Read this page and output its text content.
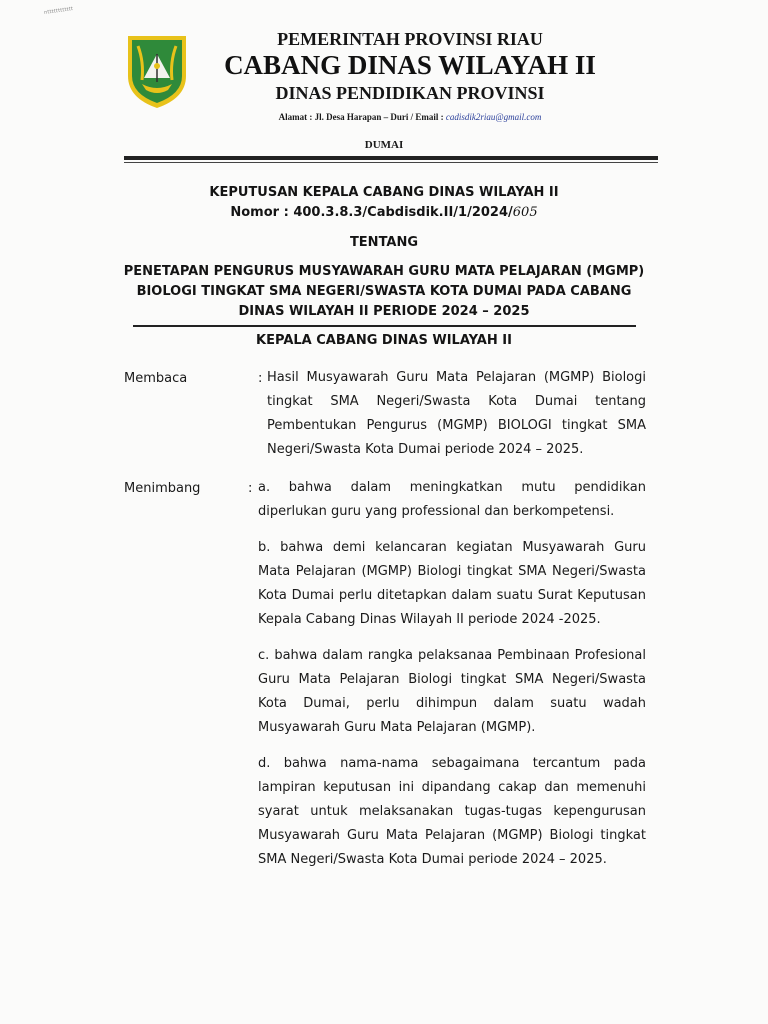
ntttttttttttt
PEMERINTAH PROVINSI RIAU
CABANG DINAS WILAYAH II
DINAS PENDIDIKAN PROVINSI
Alamat : Jl. Desa Harapan – Duri / Email : cadisdik2riau@gmail.com
DUMAI
KEPUTUSAN KEPALA CABANG DINAS WILAYAH II
Nomor : 400.3.8.3/Cabdisdik.II/1/2024/605
TENTANG
PENETAPAN PENGURUS MUSYAWARAH GURU MATA PELAJARAN (MGMP)
BIOLOGI TINGKAT SMA NEGERI/SWASTA KOTA DUMAI PADA CABANG
DINAS WILAYAH II PERIODE 2024 – 2025
KEPALA CABANG DINAS WILAYAH II
Membaca	: Hasil Musyawarah Guru Mata Pelajaran (MGMP) Biologi tingkat SMA Negeri/Swasta Kota Dumai tentang Pembentukan Pengurus (MGMP) BIOLOGI tingkat SMA Negeri/Swasta Kota Dumai periode 2024 – 2025.
Menimbang	: a. bahwa dalam meningkatkan mutu pendidikan diperlukan guru yang professional dan berkompetensi.
b. bahwa demi kelancaran kegiatan Musyawarah Guru Mata Pelajaran (MGMP) Biologi tingkat SMA Negeri/Swasta Kota Dumai perlu ditetapkan dalam suatu Surat Keputusan Kepala Cabang Dinas Wilayah II periode 2024 -2025.
c. bahwa dalam rangka pelaksanaa Pembinaan Profesional Guru Mata Pelajaran Biologi tingkat SMA Negeri/Swasta Kota Dumai, perlu dihimpun dalam suatu wadah Musyawarah Guru Mata Pelajaran (MGMP).
d. bahwa nama-nama sebagaimana tercantum pada lampiran keputusan ini dipandang cakap dan memenuhi syarat untuk melaksanakan tugas-tugas kepengurusan Musyawarah Guru Mata Pelajaran (MGMP) Biologi tingkat SMA Negeri/Swasta Kota Dumai periode 2024 – 2025.
